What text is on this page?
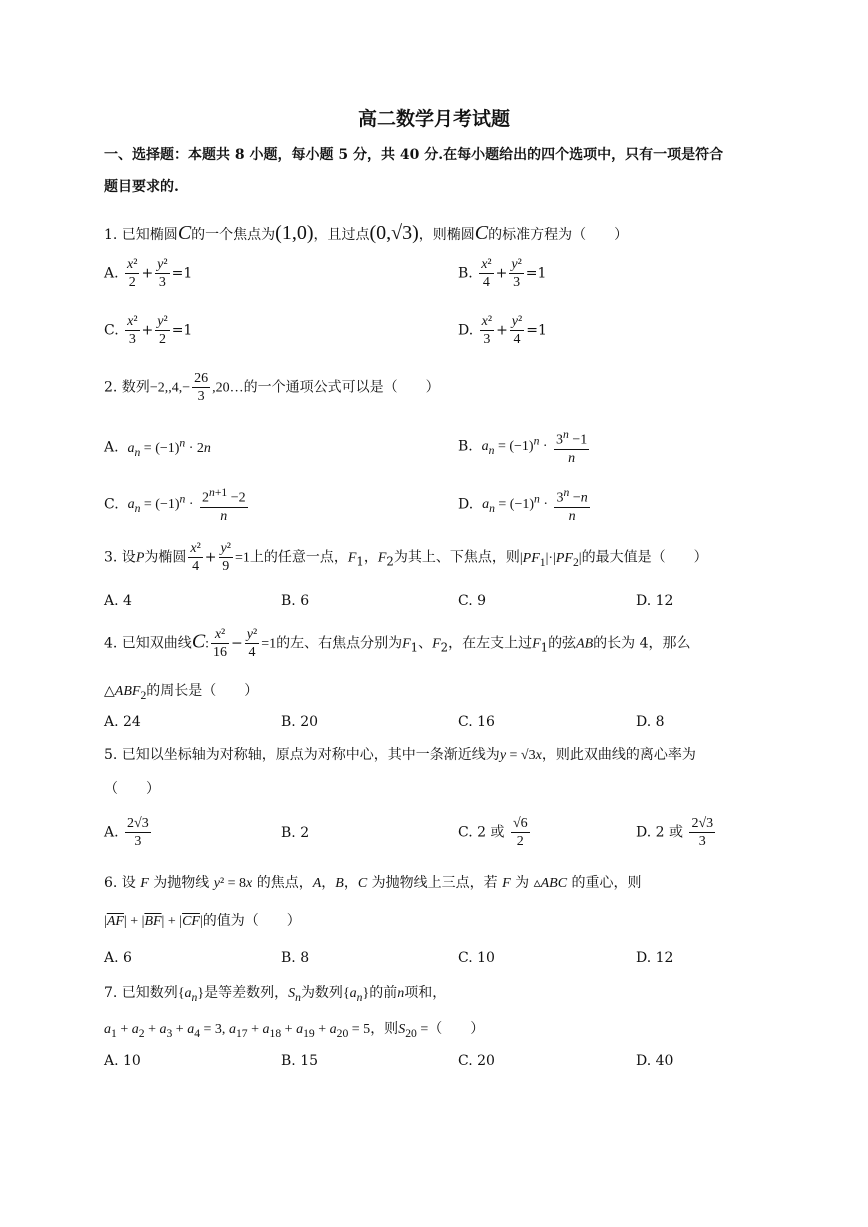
高二数学月考试题
一、选择题：本题共 8 小题，每小题 5 分，共 40 分.在每小题给出的四个选项中，只有一项是符合
题目要求的.
1. 已知椭圆C的一个焦点为(1,0)，且过点(0,√3)，则椭圆C的标准方程为（　　）
A. $\frac{\text{x²}}{2} + \frac{\text{y²}}{3} =1$	B. $\frac{\text{x²}}{4} + \frac{\text{y²}}{3} =1$
C. $\frac{\text{x²}}{3} + \frac{\text{y²}}{2} =1$	D. $\frac{\text{x²}}{3} + \frac{\text{y²}}{4} =1$
2. 数列$-2,,4,- \frac{26}{3}$ ,20…的一个通项公式可以是（　　）
A.  $a_n = (-1)^n \cdot 2n$	B.  $a_n = (-1)^n \cdot \frac{3^n -1}{n}$
C.  $a_n = (-1)^n \cdot \frac{2^{n+1} -2}{n}$	D.  $a_n = (-1)^n \cdot \frac{3^n -n}{n}$
3. 设P为椭圆 $\frac{\text{x²}}{4} + \frac{\text{y²}}{9} =1$上的任意一点，$F_1$，$F_2$为其上、下焦点，则$|PF_1|\cdot|PF_2|$的最大值是（　　）
A. 4	B. 6	C. 9	D. 12
4. 已知双曲线C: $\frac{\text{x²}}{16} - \frac{\text{y²}}{4} =1$的左、右焦点分别为$F_1$、$F_2$，在左支上过$F_1$的弦AB的长为 4，那么
$\triangle ABF_2$的周长是（　　）
A. 24	B. 20	C. 16	D. 8
5. 已知以坐标轴为对称轴，原点为对称中心，其中一条渐近线为y = √3x，则此双曲线的离心率为
（　　）
A. $\frac{2√3}{3}$	B. 2	C. 2 或 $\frac{√6}{2}$	D. 2 或 $\frac{2√3}{3}$
6. 设 F 为抛物线 y² = 8x 的焦点，A，B，C 为抛物线上三点，若 F 为 ▵ABC 的重心，则
$|\overline{AF}| + |\overline{BF}| + |\overline{CF}|$的值为（　　）
A. 6	B. 8	C. 10	D. 12
7. 已知数列$\{a_n\}$是等差数列，$S_n$为数列$\{a_n\}$的前n项和，
$a_1 + a_2 + a_3 + a_4 = 3$, $a_{17} + a_{18} + a_{19} + a_{20} = 5$，则$S_{20}$ =（　　）
A. 10	B. 15	C. 20	D. 40
